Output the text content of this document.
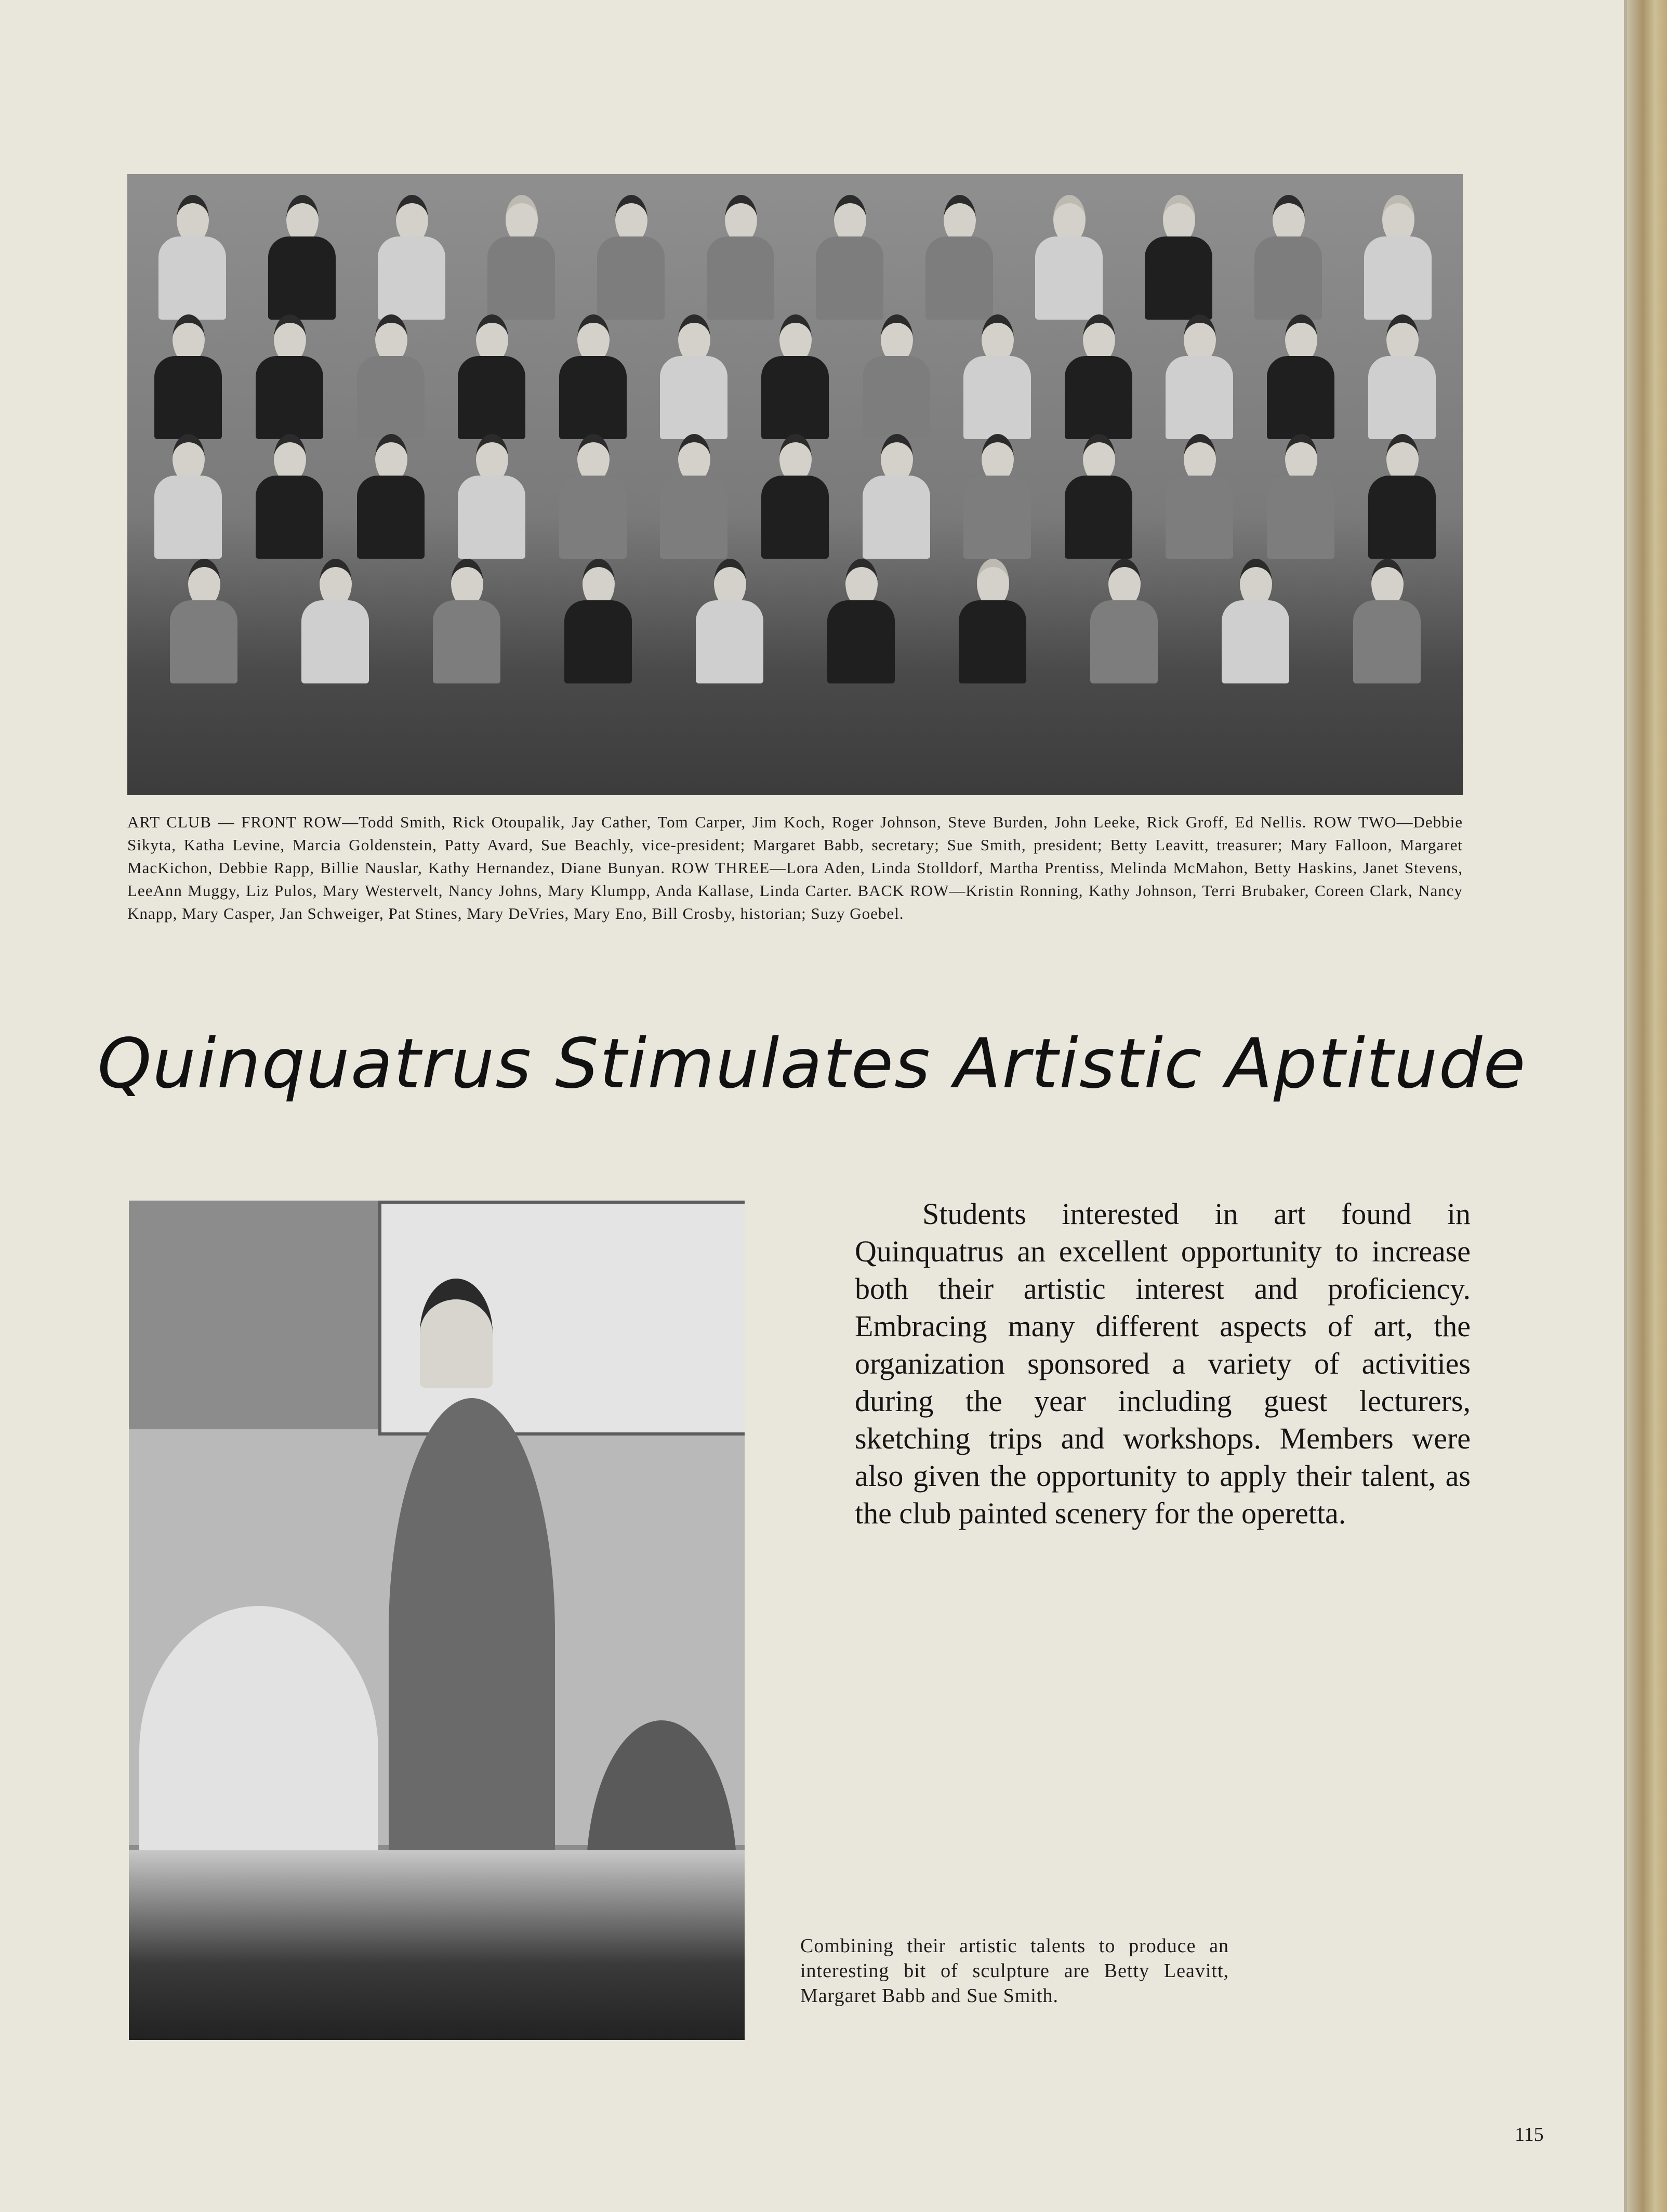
ART CLUB — FRONT ROW—Todd Smith, Rick Otoupalik, Jay Cather, Tom Carper, Jim Koch, Roger Johnson, Steve Burden, John Leeke, Rick Groff, Ed Nellis. ROW TWO—Debbie Sikyta, Katha Levine, Marcia Goldenstein, Patty Avard, Sue Beachly, vice-president; Margaret Babb, secretary; Sue Smith, president; Betty Leavitt, treasurer; Mary Falloon, Margaret MacKichon, Debbie Rapp, Billie Nauslar, Kathy Hernandez, Diane Bunyan. ROW THREE—Lora Aden, Linda Stolldorf, Martha Prentiss, Melinda McMahon, Betty Haskins, Janet Stevens, LeeAnn Muggy, Liz Pulos, Mary Westervelt, Nancy Johns, Mary Klumpp, Anda Kallase, Linda Carter. BACK ROW—Kristin Ronning, Kathy Johnson, Terri Brubaker, Coreen Clark, Nancy Knapp, Mary Casper, Jan Schweiger, Pat Stines, Mary DeVries, Mary Eno, Bill Crosby, historian; Suzy Goebel.
Quinquatrus Stimulates Artistic Aptitude
Students interested in art found in Quinquatrus an excellent opportunity to increase both their artistic interest and proficiency. Embracing many different aspects of art, the organization sponsored a variety of activities during the year including guest lecturers, sketching trips and workshops. Members were also given the opportunity to apply their talent, as the club painted scenery for the operetta.
Combining their artistic talents to produce an interesting bit of sculpture are Betty Leavitt, Margaret Babb and Sue Smith.
115
